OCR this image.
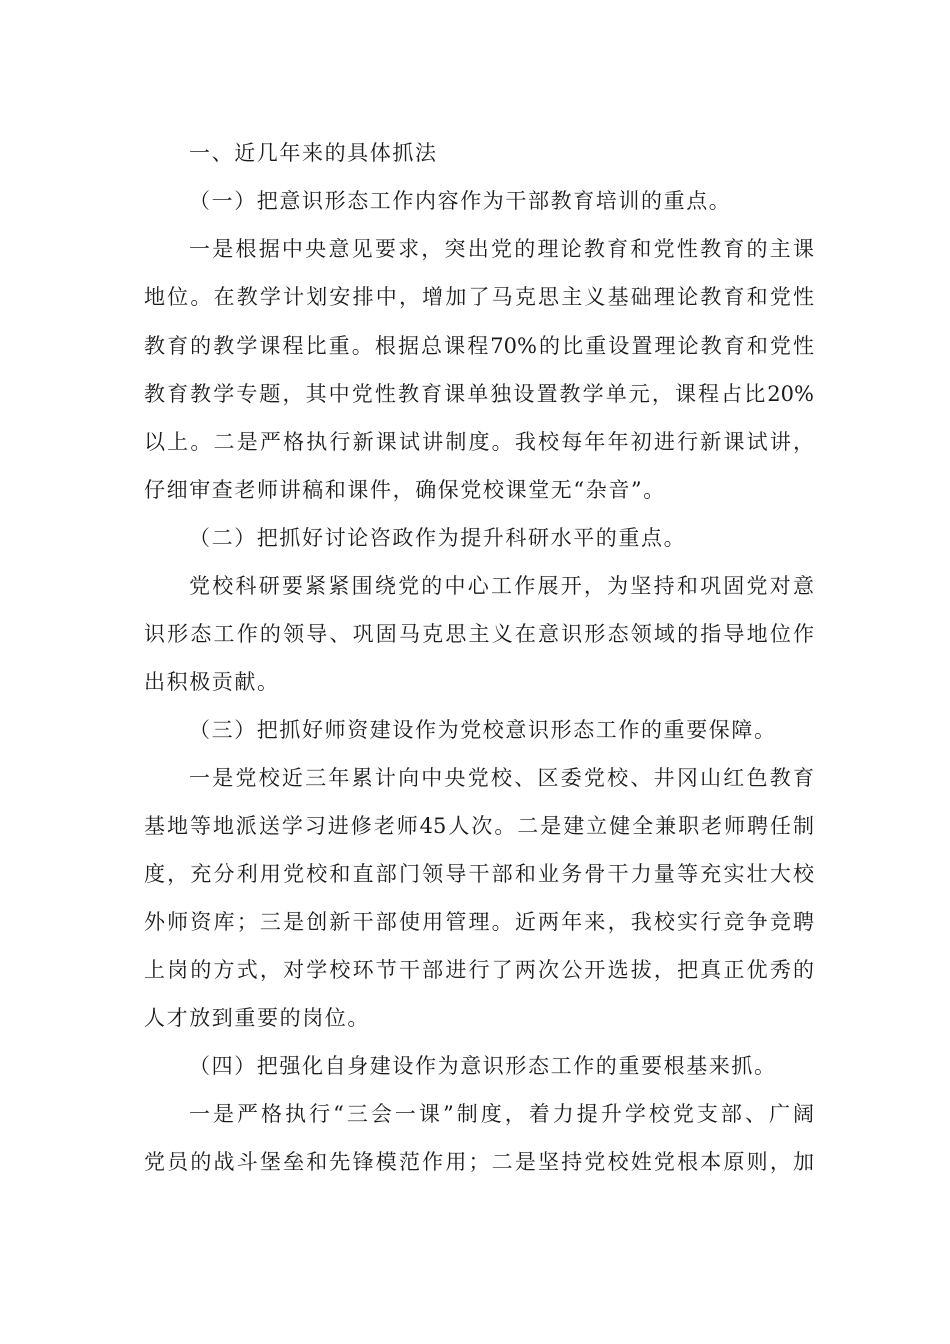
一、近几年来的具体抓法
（一）把意识形态工作内容作为干部教育培训的重点。
一是根据中央意见要求，突出党的理论教育和党性教育的主课
地位。在教学计划安排中，增加了马克思主义基础理论教育和党性
教育的教学课程比重。根据总课程70%的比重设置理论教育和党性
教育教学专题，其中党性教育课单独设置教学单元，课程占比20%
以上。二是严格执行新课试讲制度。我校每年年初进行新课试讲，
仔细审查老师讲稿和课件，确保党校课堂无“杂音”。
（二）把抓好讨论咨政作为提升科研水平的重点。
党校科研要紧紧围绕党的中心工作展开，为坚持和巩固党对意
识形态工作的领导、巩固马克思主义在意识形态领域的指导地位作
出积极贡献。
（三）把抓好师资建设作为党校意识形态工作的重要保障。
一是党校近三年累计向中央党校、区委党校、井冈山红色教育
基地等地派送学习进修老师45人次。二是建立健全兼职老师聘任制
度，充分利用党校和直部门领导干部和业务骨干力量等充实壮大校
外师资库；三是创新干部使用管理。近两年来，我校实行竞争竞聘
上岗的方式，对学校环节干部进行了两次公开选拔，把真正优秀的
人才放到重要的岗位。
（四）把强化自身建设作为意识形态工作的重要根基来抓。
一是严格执行“三会一课”制度，着力提升学校党支部、广阔
党员的战斗堡垒和先锋模范作用；二是坚持党校姓党根本原则，加
